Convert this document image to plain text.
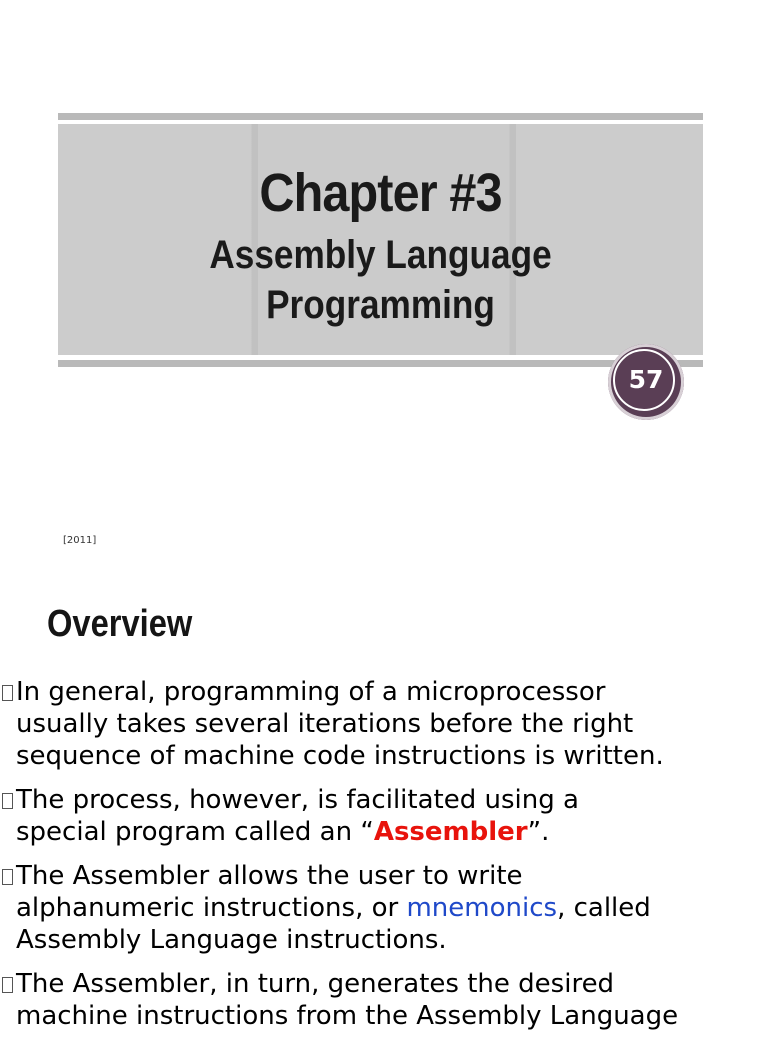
Chapter #3
Assembly Language
Programming
57
[2011]
Overview
In general, programming of a microprocessor
usually takes several iterations before the right
sequence of machine code instructions is written.
The process, however, is facilitated using a
special program called an “Assembler”.
The Assembler allows the user to write
alphanumeric instructions, or mnemonics, called
Assembly Language instructions.
The Assembler, in turn, generates the desired
machine instructions from the Assembly Language
